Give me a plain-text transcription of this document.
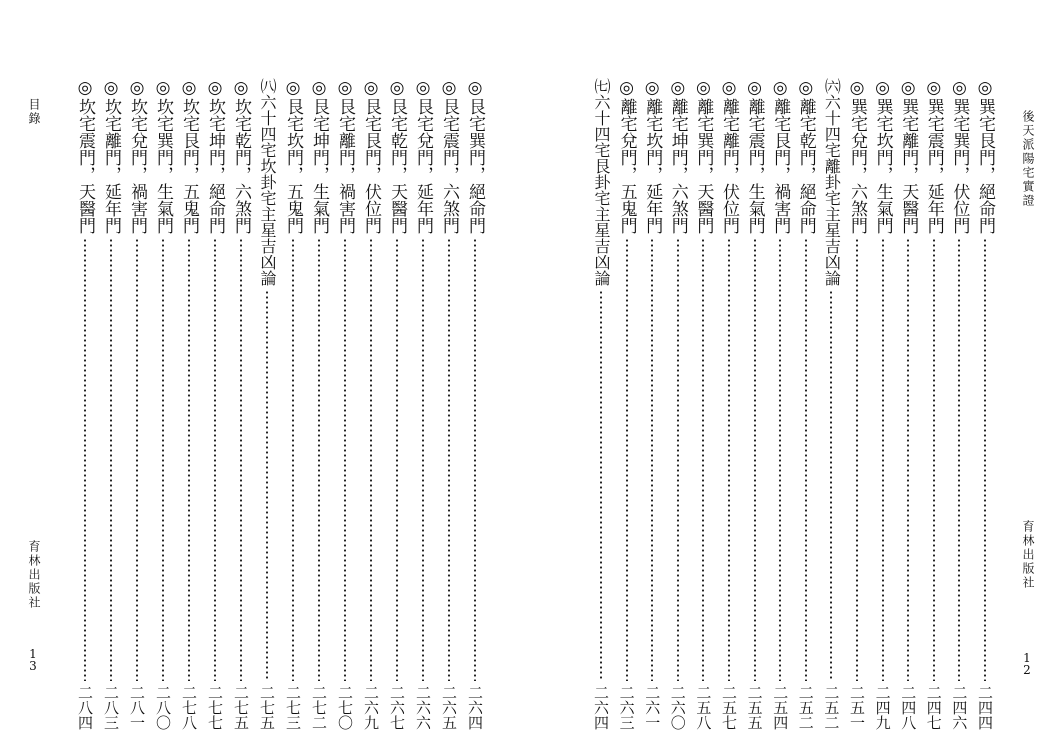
目錄
育林出版社
1
3
後天派陽宅實證
育林出版社
1
2
◎艮宅巽門，絕命門
二六四
◎艮宅震門，六煞門
二六五
◎艮宅兌門，延年門
二六六
◎艮宅乾門，天醫門
二六七
◎艮宅艮門，伏位門
二六九
◎艮宅離門，禍害門
二七〇
◎艮宅坤門，生氣門
二七二
◎艮宅坎門，五鬼門
二七三
㈧六十四宅坎卦宅主星吉凶論
二七五
◎坎宅乾門，六煞門
二七五
◎坎宅坤門，絕命門
二七七
◎坎宅艮門，五鬼門
二七八
◎坎宅巽門，生氣門
二八〇
◎坎宅兌門，禍害門
二八一
◎坎宅離門，延年門
二八三
◎坎宅震門，天醫門
二八四
◎巽宅艮門，絕命門
二四四
◎巽宅巽門，伏位門
二四六
◎巽宅震門，延年門
二四七
◎巽宅離門，天醫門
二四八
◎巽宅坎門，生氣門
二四九
◎巽宅兌門，六煞門
二五一
㈥六十四宅離卦宅主星吉凶論
二五二
◎離宅乾門，絕命門
二五二
◎離宅艮門，禍害門
二五四
◎離宅震門，生氣門
二五五
◎離宅離門，伏位門
二五七
◎離宅巽門，天醫門
二五八
◎離宅坤門，六煞門
二六〇
◎離宅坎門，延年門
二六一
◎離宅兌門，五鬼門
二六三
㈦六十四宅艮卦宅主星吉凶論
二六四
